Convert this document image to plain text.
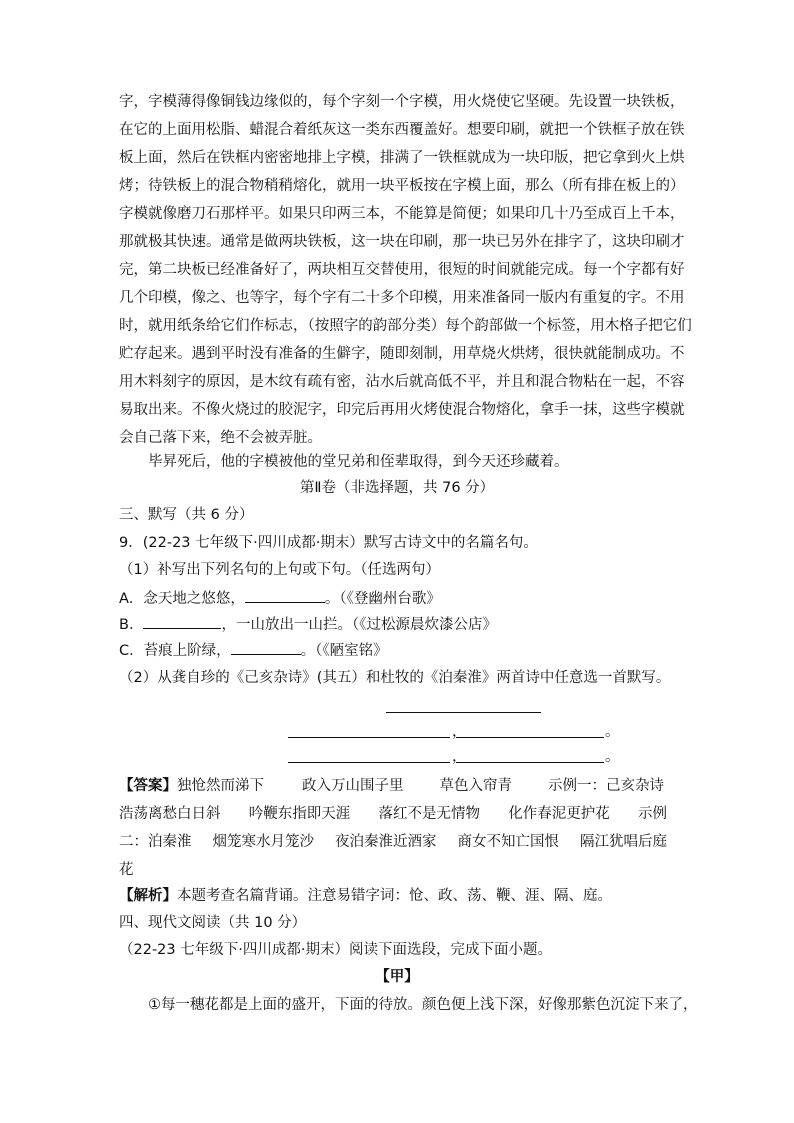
字，字模薄得像铜钱边缘似的，每个字刻一个字模，用火烧使它坚硬。先设置一块铁板，
在它的上面用松脂、蜡混合着纸灰这一类东西覆盖好。想要印刷，就把一个铁框子放在铁
板上面，然后在铁框内密密地排上字模，排满了一铁框就成为一块印版，把它拿到火上烘
烤；待铁板上的混合物稍稍熔化，就用一块平板按在字模上面，那么（所有排在板上的）
字模就像磨刀石那样平。如果只印两三本，不能算是简便；如果印几十乃至成百上千本，
那就极其快速。通常是做两块铁板，这一块在印刷，那一块已另外在排字了，这块印刷才
完，第二块板已经准备好了，两块相互交替使用，很短的时间就能完成。每一个字都有好
几个印模，像之、也等字，每个字有二十多个印模，用来准备同一版内有重复的字。不用
时，就用纸条给它们作标志，（按照字的韵部分类）每个韵部做一个标签，用木格子把它们
贮存起来。遇到平时没有准备的生僻字，随即刻制，用草烧火烘烤，很快就能制成功。不
用木料刻字的原因，是木纹有疏有密，沾水后就高低不平，并且和混合物粘在一起，不容
易取出来。不像火烧过的胶泥字，印完后再用火烤使混合物熔化，拿手一抹，这些字模就
会自己落下来，绝不会被弄脏。
毕昇死后，他的字模被他的堂兄弟和侄辈取得，到今天还珍藏着。
第Ⅱ卷（非选择题，共 76 分）
三、默写（共 6 分）
9．(22-23 七年级下·四川成都·期末）默写古诗文中的名篇名句。
（1）补写出下列名句的上句或下句。（任选两句）
A．念天地之悠悠，	。（《登幽州台歌》
B．	，一山放出一山拦。（《过松源晨炊漆公店》
C．苔痕上阶绿，	。（《陋室铭》
（2）从龚自珍的《己亥杂诗》(其五）和杜牧的《泊秦淮》两首诗中任意选一首默写。
，	。
，	。
【答案】独怆然而涕下	政入万山围子里 草色入帘青 示例一：己亥杂诗
浩荡离愁白日斜 吟鞭东指即天涯 落红不是无情物 化作春泥更护花 示例
二：泊秦淮 烟笼寒水月笼沙 夜泊秦淮近酒家 商女不知亡国恨 隔江犹唱后庭
花
【解析】本题考查名篇背诵。注意易错字词：怆、政、荡、鞭、涯、隔、庭。
四、现代文阅读（共 10 分）
（22-23 七年级下·四川成都·期末）阅读下面选段，完成下面小题。
【甲】
①每一穗花都是上面的盛开，下面的待放。颜色便上浅下深，好像那紫色沉淀下来了，
